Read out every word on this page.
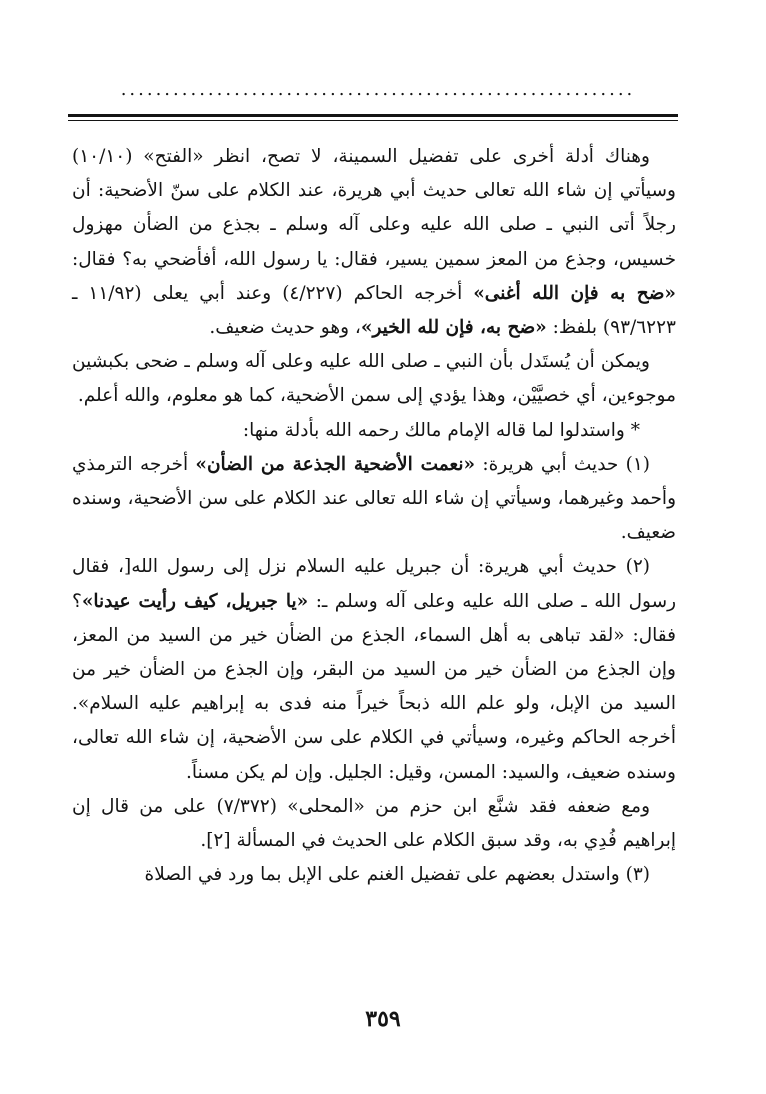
...........................................................

وهناك أدلة أخرى على تفضيل السمينة، لا تصح، انظر «الفتح» (١٠/١٠) وسيأتي إن شاء الله تعالى حديث أبي هريرة، عند الكلام على سنّ الأضحية: أن رجلاً أتى النبي ـ صلى الله عليه وعلى آله وسلم ـ بجذع من الضأن مهزول خسيس، وجذع من المعز سمين يسير، فقال: يا رسول الله، أفأضحي به؟ فقال: «ضح به فإن الله أغنى» أخرجه الحاكم (٤/٢٢٧) وعند أبي يعلى (١١/٩٢ ـ ٩٣/٦٢٢٣) بلفظ: «ضح به، فإن لله الخير»، وهو حديث ضعيف.

ويمكن أن يُستَدل بأن النبي ـ صلى الله عليه وعلى آله وسلم ـ ضحى بكبشين موجوءين، أي خصيَّيْن، وهذا يؤدي إلى سمن الأضحية، كما هو معلوم، والله أعلم.

* واستدلوا لما قاله الإمام مالك رحمه الله بأدلة منها:

(١) حديث أبي هريرة: «نعمت الأضحية الجذعة من الضأن» أخرجه الترمذي وأحمد وغيرهما، وسيأتي إن شاء الله تعالى عند الكلام على سن الأضحية، وسنده ضعيف.

(٢) حديث أبي هريرة: أن جبريل عليه السلام نزل إلى رسول الله[، فقال رسول الله ـ صلى الله عليه وعلى آله وسلم ـ: «يا جبريل، كيف رأيت عيدنا»؟ فقال: «لقد تباهى به أهل السماء، الجذع من الضأن خير من السيد من المعز، وإن الجذع من الضأن خير من السيد من البقر، وإن الجذع من الضأن خير من السيد من الإبل، ولو علم الله ذبحاً خيراً منه فدى به إبراهيم عليه السلام». أخرجه الحاكم وغيره، وسيأتي في الكلام على سن الأضحية، إن شاء الله تعالى، وسنده ضعيف، والسيد: المسن، وقيل: الجليل. وإن لم يكن مسناً.

ومع ضعفه فقد شنَّع ابن حزم من «المحلى» (٧/٣٧٢) على من قال إن إبراهيم فُدِي به، وقد سبق الكلام على الحديث في المسألة [٢].

(٣) واستدل بعضهم على تفضيل الغنم على الإبل بما ورد في الصلاة

٣٥٩
